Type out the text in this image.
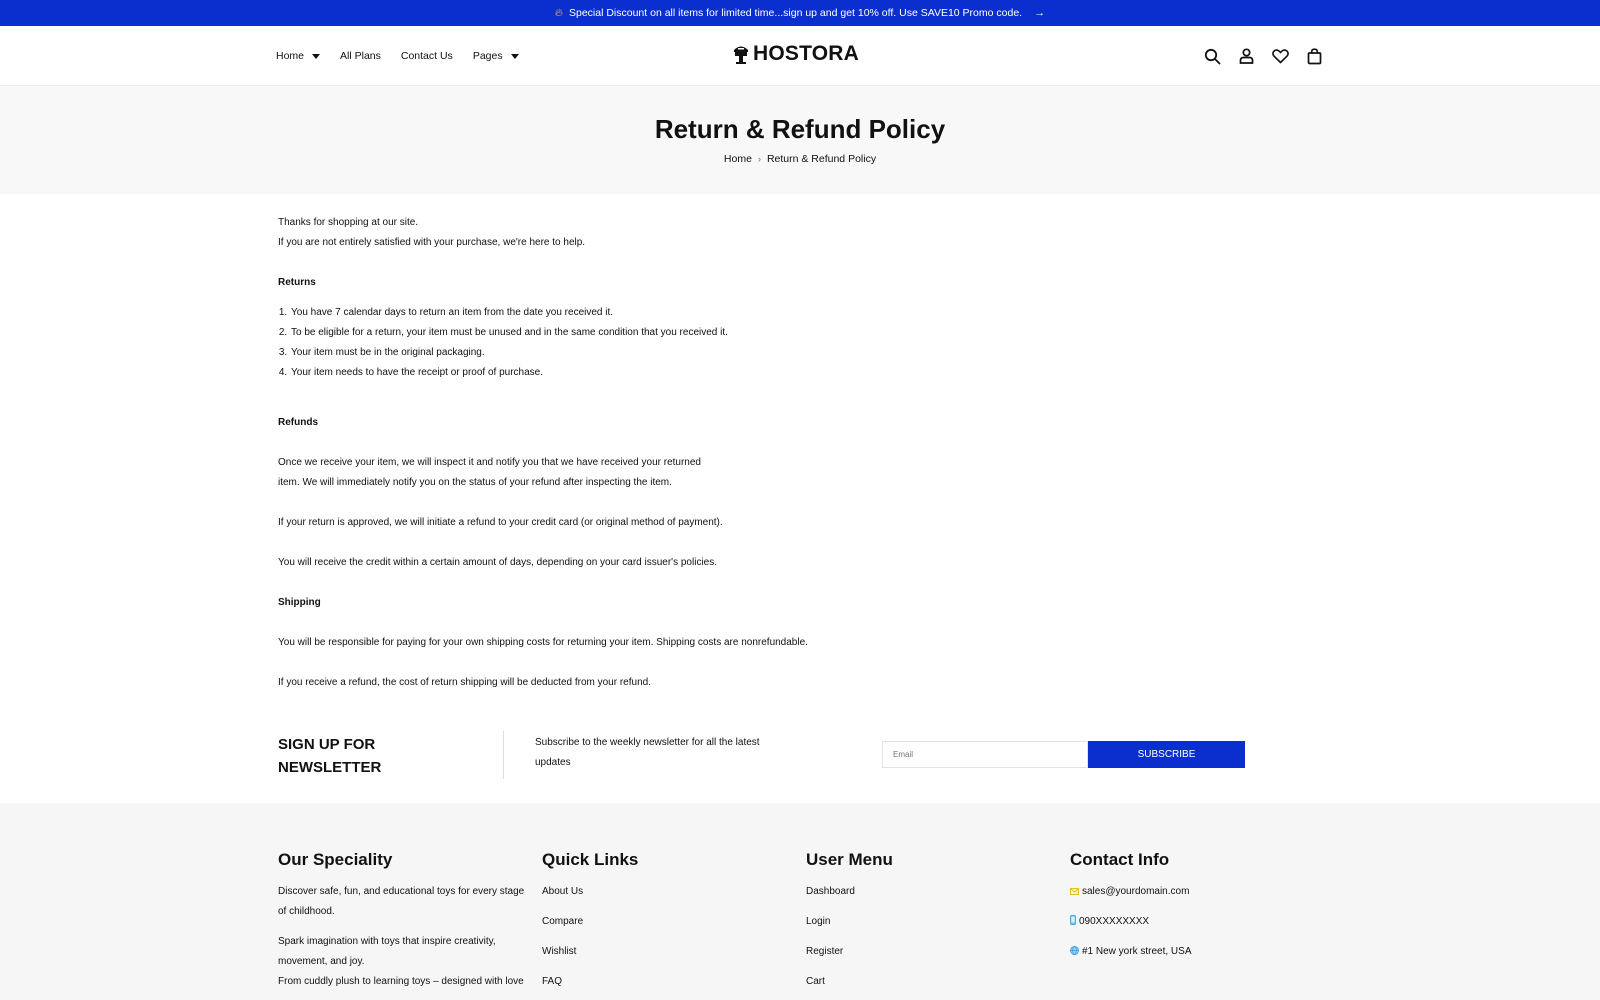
🔥︎ Special Discount on all items for limited time...sign up and get 10% off. Use SAVE10 Promo code. →
Home	All Plans Contact Us Pages	HOSTORA
Return & Refund Policy
Home › Return & Refund Policy

Thanks for shopping at our site.

If you are not entirely satisfied with your purchase, we're here to help.

Returns

1. You have 7 calendar days to return an item from the date you received it.
2. To be eligible for a return, your item must be unused and in the same condition that you received it.
3. Your item must be in the original packaging.
4. Your item needs to have the receipt or proof of purchase.

Refunds

Once we receive your item, we will inspect it and notify you that we have received your returned

item. We will immediately notify you on the status of your refund after inspecting the item.

If your return is approved, we will initiate a refund to your credit card (or original method of payment).

You will receive the credit within a certain amount of days, depending on your card issuer's policies.

Shipping

You will be responsible for paying for your own shipping costs for returning your item. Shipping costs are nonrefundable.

If you receive a refund, the cost of return shipping will be deducted from your refund.

SIGN UP FOR
NEWSLETTER
Subscribe to the weekly newsletter for all the latest
updates
Email
SUBSCRIBE
Our Speciality
Discover safe, fun, and educational toys for every stage
of childhood.
Spark imagination with toys that inspire creativity,
movement, and joy.
From cuddly plush to learning toys – designed with love
Quick Links
About Us
Compare
Wishlist
FAQ
User Menu
Dashboard
Login
Register
Cart
Contact Info
sales@yourdomain.com
090XXXXXXXX
#1 New york street, USA
